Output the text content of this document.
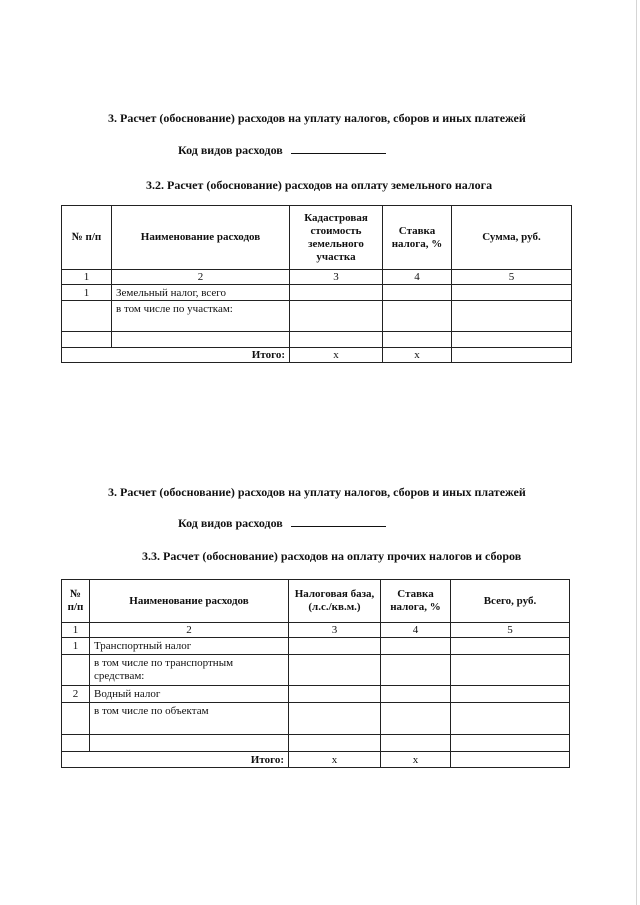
3. Расчет (обоснование) расходов на уплату налогов, сборов и иных платежей
Код видов расходов
3.2. Расчет (обоснование) расходов на оплату земельного налога
№ п/п	Наименование расходов	Кадастровая стоимость земельного участка	Ставка налога, %	Сумма, руб.
1	2	3	4	5
1	Земельный налог, всего			
	в том числе по участкам:			

Итого:		x	x	
3. Расчет (обоснование) расходов на уплату налогов, сборов и иных платежей
Код видов расходов
3.3. Расчет (обоснование) расходов на оплату прочих налогов и сборов
№ п/п	Наименование расходов	Налоговая база, (л.с./кв.м.)	Ставка налога, %	Всего, руб.
1	2	3	4	5
1	Транспортный налог			
	в том числе по транспортным средствам:			
2	Водный налог			
	в том числе по объектам			

Итого:		x	x	
